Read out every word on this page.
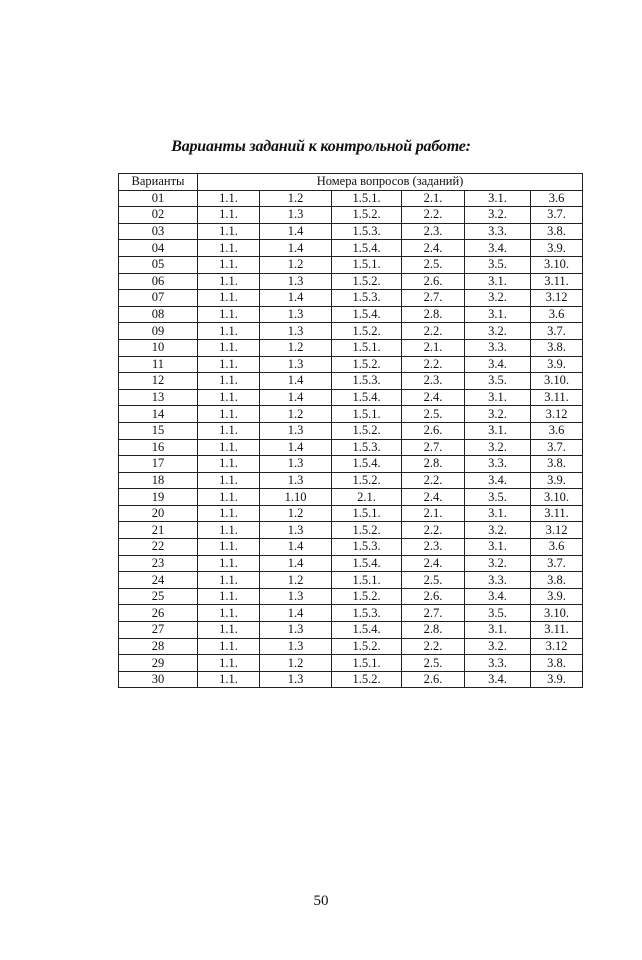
Варианты заданий к контрольной работе:
Варианты	Номера вопросов (заданий)					
01	1.1.	1.2	1.5.1.	2.1.	3.1.	3.6
02	1.1.	1.3	1.5.2.	2.2.	3.2.	3.7.
03	1.1.	1.4	1.5.3.	2.3.	3.3.	3.8.
04	1.1.	1.4	1.5.4.	2.4.	3.4.	3.9.
05	1.1.	1.2	1.5.1.	2.5.	3.5.	3.10.
06	1.1.	1.3	1.5.2.	2.6.	3.1.	3.11.
07	1.1.	1.4	1.5.3.	2.7.	3.2.	3.12
08	1.1.	1.3	1.5.4.	2.8.	3.1.	3.6
09	1.1.	1.3	1.5.2.	2.2.	3.2.	3.7.
10	1.1.	1.2	1.5.1.	2.1.	3.3.	3.8.
11	1.1.	1.3	1.5.2.	2.2.	3.4.	3.9.
12	1.1.	1.4	1.5.3.	2.3.	3.5.	3.10.
13	1.1.	1.4	1.5.4.	2.4.	3.1.	3.11.
14	1.1.	1.2	1.5.1.	2.5.	3.2.	3.12
15	1.1.	1.3	1.5.2.	2.6.	3.1.	3.6
16	1.1.	1.4	1.5.3.	2.7.	3.2.	3.7.
17	1.1.	1.3	1.5.4.	2.8.	3.3.	3.8.
18	1.1.	1.3	1.5.2.	2.2.	3.4.	3.9.
19	1.1.	1.10	2.1.	2.4.	3.5.	3.10.
20	1.1.	1.2	1.5.1.	2.1.	3.1.	3.11.
21	1.1.	1.3	1.5.2.	2.2.	3.2.	3.12
22	1.1.	1.4	1.5.3.	2.3.	3.1.	3.6
23	1.1.	1.4	1.5.4.	2.4.	3.2.	3.7.
24	1.1.	1.2	1.5.1.	2.5.	3.3.	3.8.
25	1.1.	1.3	1.5.2.	2.6.	3.4.	3.9.
26	1.1.	1.4	1.5.3.	2.7.	3.5.	3.10.
27	1.1.	1.3	1.5.4.	2.8.	3.1.	3.11.
28	1.1.	1.3	1.5.2.	2.2.	3.2.	3.12
29	1.1.	1.2	1.5.1.	2.5.	3.3.	3.8.
30	1.1.	1.3	1.5.2.	2.6.	3.4.	3.9.
50
